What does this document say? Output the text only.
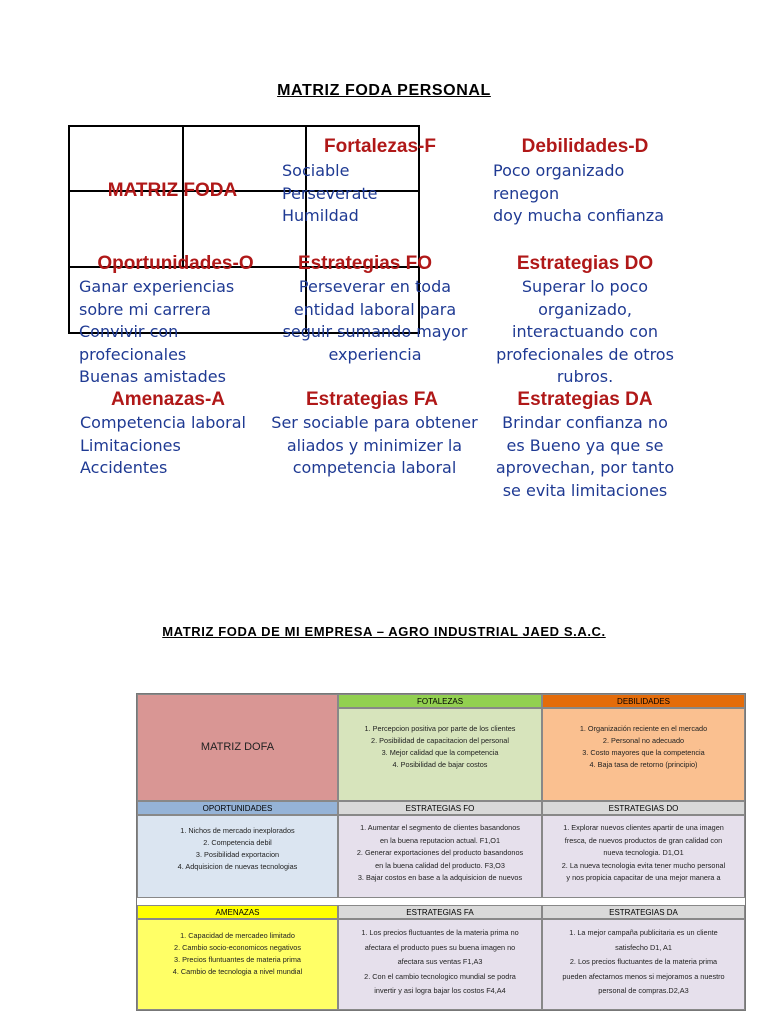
MATRIZ FODA PERSONAL
MATRIZ FODA
Fortalezas-F
Sociable
Perseverate
Humildad
Debilidades-D
Poco organizado
renegon
doy mucha confianza
Oportunidades-O
Ganar experiencias
sobre mi carrera
Convivir con
profecionales
Buenas amistades
Estrategias FO
Perseverar en toda
entidad laboral para
seguir sumando mayor
experiencia
Estrategias DO
Superar lo poco
organizado,
interactuando con
profecionales de otros
rubros.
Amenazas-A
Competencia laboral
Limitaciones
Accidentes
Estrategias FA
Ser sociable para obtener
aliados y minimizer la
competencia laboral
Estrategias DA
Brindar confianza no
es Bueno ya que se
aprovechan, por tanto
se evita limitaciones
MATRIZ FODA DE MI EMPRESA – AGRO INDUSTRIAL JAED S.A.C.
MATRIZ DOFA
FOTALEZAS
1. Percepcion positiva por parte de los clientes
2. Posibilidad de capacitacion del personal
3. Mejor calidad que la competencia
4. Posibilidad de bajar costos
DEBILIDADES
1. Organización reciente en el mercado
2. Personal no adecuado
3. Costo mayores que la competencia
4. Baja tasa de retorno (principio)
OPORTUNIDADES
1. Nichos de mercado inexplorados
2. Competencia debil
3. Posibilidad exportacion
4. Adquisicion de nuevas tecnologias
ESTRATEGIAS FO
1. Aumentar el segmento de clientes basandonos
en la buena reputacion actual. F1,O1
2. Generar exportaciones del producto basandonos
en la buena calidad del producto. F3,O3
3. Bajar costos en base a la adquisicion de nuevos
ESTRATEGIAS DO
1. Explorar nuevos clientes apartir de una imagen
fresca, de nuevos productos de gran calidad con
nueva tecnologia. D1,O1
2. La nueva tecnologia evita tener mucho personal
y nos propicia capacitar de una mejor manera a
AMENAZAS
1. Capacidad de mercadeo limitado
2. Cambio socio-economicos negativos
3. Precios fluntuantes de materia prima
4. Cambio de tecnologia a nivel mundial
ESTRATEGIAS FA
1. Los precios fluctuantes de la materia prima no
afectara el producto pues su buena imagen no
afectara sus ventas F1,A3
2. Con el cambio tecnologico mundial se podra
invertir y asi logra bajar los costos F4,A4
ESTRATEGIAS DA
1. La mejor campaña publicitaria es un cliente
satisfecho D1, A1
2. Los precios fluctuantes de la materia prima
pueden afectarnos menos si mejoramos a nuestro
personal de compras.D2,A3
